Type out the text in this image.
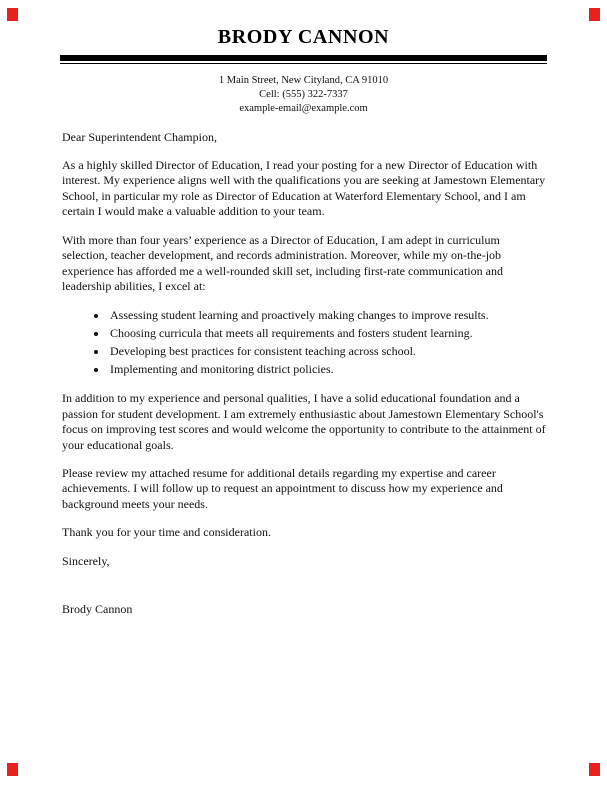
BRODY CANNON
1 Main Street, New Cityland, CA 91010
Cell: (555) 322-7337
example-email@example.com

Dear Superintendent Champion,

As a highly skilled Director of Education, I read your posting for a new Director of Education with interest. My experience aligns well with the qualifications you are seeking at Jamestown Elementary School, in particular my role as Director of Education at Waterford Elementary School, and I am certain I would make a valuable addition to your team.

With more than four years’ experience as a Director of Education, I am adept in curriculum selection, teacher development, and records administration. Moreover, while my on-the-job experience has afforded me a well-rounded skill set, including first-rate communication and leadership abilities, I excel at:

• Assessing student learning and proactively making changes to improve results.
• Choosing curricula that meets all requirements and fosters student learning.
• Developing best practices for consistent teaching across school.
• Implementing and monitoring district policies.

In addition to my experience and personal qualities, I have a solid educational foundation and a passion for student development. I am extremely enthusiastic about Jamestown Elementary School's focus on improving test scores and would welcome the opportunity to contribute to the attainment of your educational goals.

Please review my attached resume for additional details regarding my expertise and career achievements. I will follow up to request an appointment to discuss how my experience and background meets your needs.

Thank you for your time and consideration.

Sincerely,

Brody Cannon
